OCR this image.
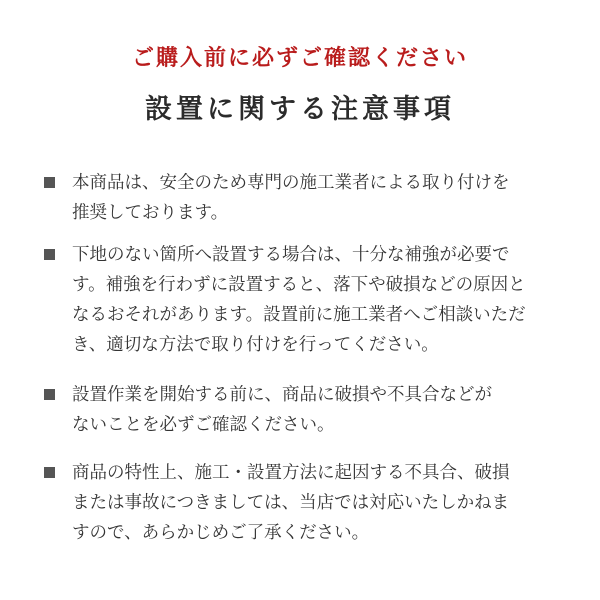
ご購入前に必ずご確認ください
設置に関する注意事項
本商品は、安全のため専門の施工業者による取り付けを
推奨しております。
下地のない箇所へ設置する場合は、十分な補強が必要で
す。補強を行わずに設置すると、落下や破損などの原因と
なるおそれがあります。設置前に施工業者へご相談いただ
き、適切な方法で取り付けを行ってください。
設置作業を開始する前に、商品に破損や不具合などが
ないことを必ずご確認ください。
商品の特性上、施工・設置方法に起因する不具合、破損
または事故につきましては、当店では対応いたしかねま
すので、あらかじめご了承ください。
